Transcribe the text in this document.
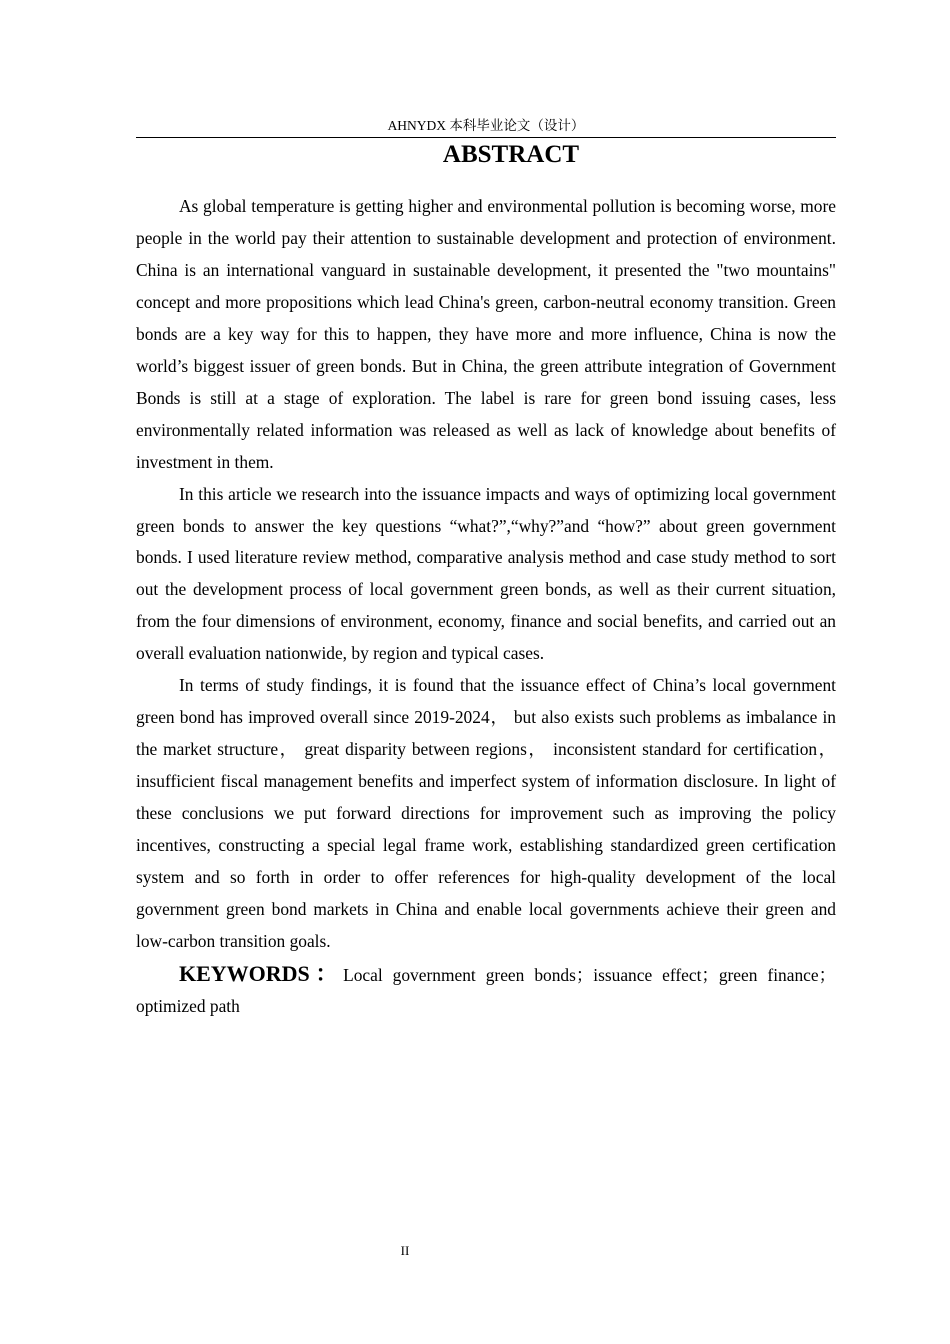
AHNYDX 本科毕业论文（设计）
ABSTRACT

As global temperature is getting higher and environmental pollution is becoming worse, more people in the world pay their attention to sustainable development and protection of environment. China is an international vanguard in sustainable development, it presented the "two mountains" concept and more propositions which lead China's green, carbon-neutral economy transition. Green bonds are a key way for this to happen, they have more and more influence, China is now the world’s biggest issuer of green bonds. But in China, the green attribute integration of Government Bonds is still at a stage of exploration. The label is rare for green bond issuing cases, less environmentally related information was released as well as lack of knowledge about benefits of investment in them.

In this article we research into the issuance impacts and ways of optimizing local government green bonds to answer the key questions “what?”,“why?”and “how?” about green government bonds. I used literature review method, comparative analysis method and case study method to sort out the development process of local government green bonds, as well as their current situation, from the four dimensions of environment, economy, finance and social benefits, and carried out an overall evaluation nationwide, by region and typical cases.

In terms of study findings, it is found that the issuance effect of China’s local government green bond has improved overall since 2019-2024， but also exists such problems as imbalance in the market structure， great disparity between regions， inconsistent standard for certification， insufficient fiscal management benefits and imperfect system of information disclosure. In light of these conclusions we put forward directions for improvement such as improving the policy incentives, constructing a special legal frame work, establishing standardized green certification system and so forth in order to offer references for high-quality development of the local government green bond markets in China and enable local governments achieve their green and low-carbon transition goals.

KEYWORDS：Local government green bonds；issuance effect；green finance；optimized path

II
